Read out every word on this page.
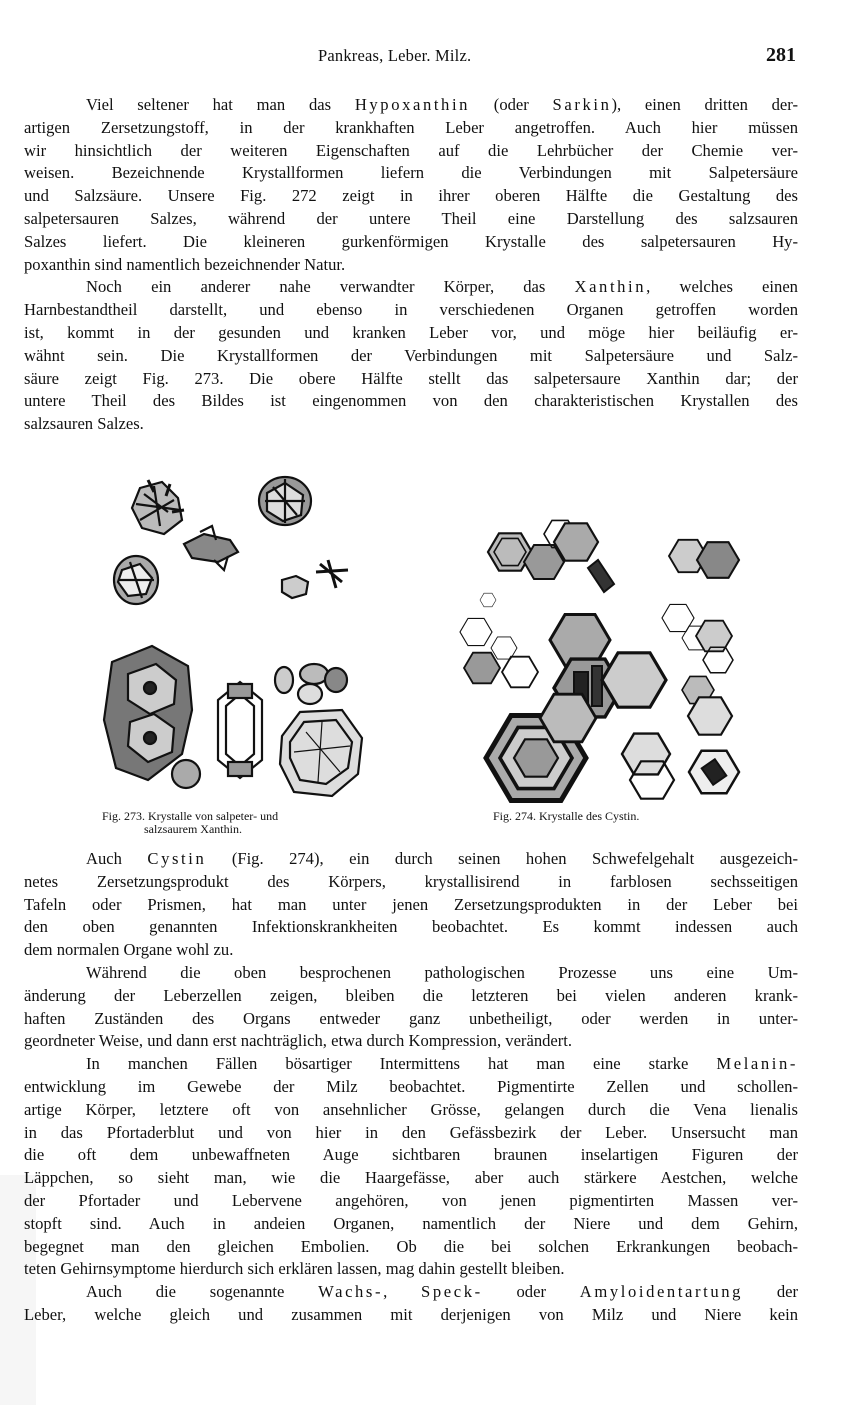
Pankreas, Leber. Milz.	281
Viel seltener hat man das Hypoxanthin (oder Sarkin), einen dritten der-
artigen Zersetzungstoff, in der krankhaften Leber angetroffen. Auch hier müssen
wir hinsichtlich der weiteren Eigenschaften auf die Lehrbücher der Chemie ver-
weisen. Bezeichnende Krystallformen liefern die Verbindungen mit Salpetersäure
und Salzsäure. Unsere Fig. 272 zeigt in ihrer oberen Hälfte die Gestaltung des
salpetersauren Salzes, während der untere Theil eine Darstellung des salzsauren
Salzes liefert. Die kleineren gurkenförmigen Krystalle des salpetersauren Hy-
poxanthin sind namentlich bezeichnender Natur.
Noch ein anderer nahe verwandter Körper, das Xanthin, welches einen
Harnbestandtheil darstellt, und ebenso in verschiedenen Organen getroffen worden
ist, kommt in der gesunden und kranken Leber vor, und möge hier beiläufig er-
wähnt sein. Die Krystallformen der Verbindungen mit Salpetersäure und Salz-
säure zeigt Fig. 273. Die obere Hälfte stellt das salpetersaure Xanthin dar; der
untere Theil des Bildes ist eingenommen von den charakteristischen Krystallen des
salzsauren Salzes.
Fig. 273. Krystalle von salpeter- und
salzsaurem Xanthin.
Fig. 274. Krystalle des Cystin.
Auch Cystin (Fig. 274), ein durch seinen hohen Schwefelgehalt ausgezeich-
netes Zersetzungsprodukt des Körpers, krystallisirend in farblosen sechsseitigen
Tafeln oder Prismen, hat man unter jenen Zersetzungsprodukten in der Leber bei
den oben genannten Infektionskrankheiten beobachtet. Es kommt indessen auch
dem normalen Organe wohl zu.
Während die oben besprochenen pathologischen Prozesse uns eine Um-
änderung der Leberzellen zeigen, bleiben die letzteren bei vielen anderen krank-
haften Zuständen des Organs entweder ganz unbetheiligt, oder werden in unter-
geordneter Weise, und dann erst nachträglich, etwa durch Kompression, verändert.
In manchen Fällen bösartiger Intermittens hat man eine starke Melanin-
entwicklung im Gewebe der Milz beobachtet. Pigmentirte Zellen und schollen-
artige Körper, letztere oft von ansehnlicher Grösse, gelangen durch die Vena lienalis
in das Pfortaderblut und von hier in den Gefässbezirk der Leber. Unsersucht man
die oft dem unbewaffneten Auge sichtbaren braunen inselartigen Figuren der
Läppchen, so sieht man, wie die Haargefässe, aber auch stärkere Aestchen, welche
der Pfortader und Lebervene angehören, von jenen pigmentirten Massen ver-
stopft sind. Auch in andeien Organen, namentlich der Niere und dem Gehirn,
begegnet man den gleichen Embolien. Ob die bei solchen Erkrankungen beobach-
teten Gehirnsymptome hierdurch sich erklären lassen, mag dahin gestellt bleiben.
Auch die sogenannte Wachs-, Speck- oder Amyloidentartung der
Leber, welche gleich und zusammen mit derjenigen von Milz und Niere kein
